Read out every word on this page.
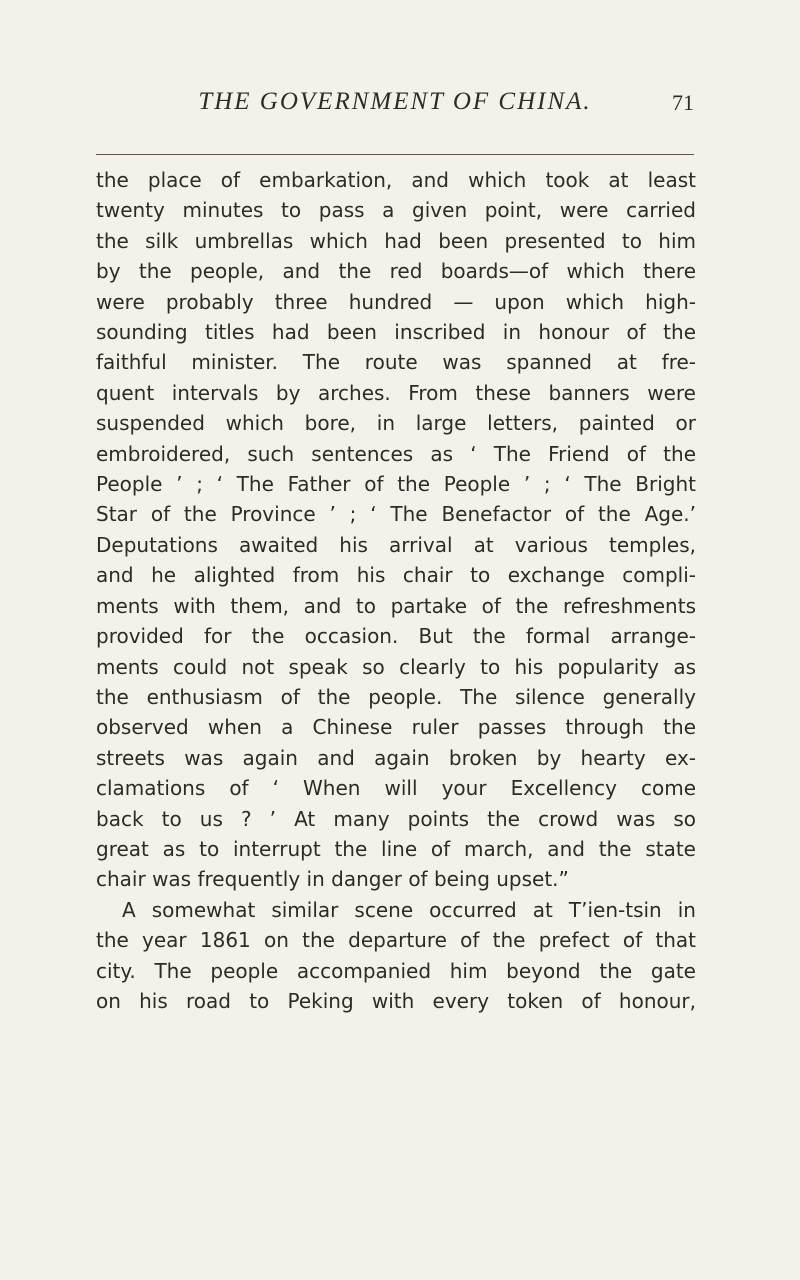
THE GOVERNMENT OF CHINA.	71

the place of embarkation, and which took at least

twenty minutes to pass a given point, were carried

the silk umbrellas which had been presented to him

by the people, and the red boards—of which there

were probably three hundred — upon which high-

sounding titles had been inscribed in honour of the

faithful minister. The route was spanned at fre-

quent intervals by arches. From these banners were

suspended which bore, in large letters, painted or

embroidered, such sentences as ‘ The Friend of the

People ’ ; ‘ The Father of the People ’ ; ‘ The Bright

Star of the Province ’ ; ‘ The Benefactor of the Age.’

Deputations awaited his arrival at various temples,

and he alighted from his chair to exchange compli-

ments with them, and to partake of the refreshments

provided for the occasion. But the formal arrange-

ments could not speak so clearly to his popularity as

the enthusiasm of the people. The silence generally

observed when a Chinese ruler passes through the

streets was again and again broken by hearty ex-

clamations of ‘ When will your Excellency come

back to us ? ’ At many points the crowd was so

great as to interrupt the line of march, and the state

chair was frequently in danger of being upset.”

A somewhat similar scene occurred at T’ien-tsin in

the year 1861 on the departure of the prefect of that

city. The people accompanied him beyond the gate

on his road to Peking with every token of honour,
